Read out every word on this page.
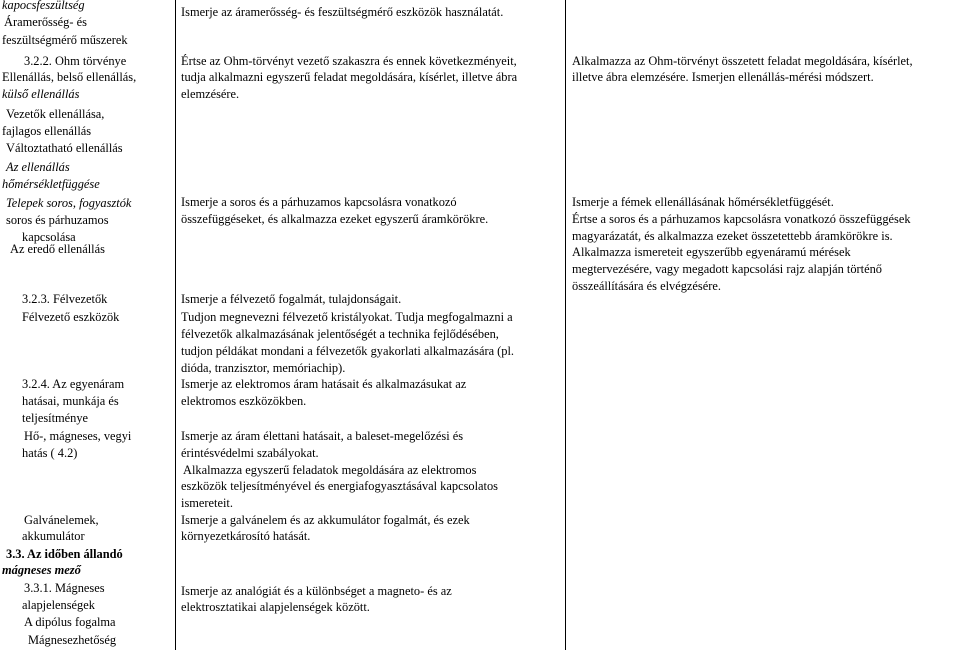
kapocsfeszültség

Áramerősség- és

feszültségmérő műszerek

3.2.2. Ohm törvénye

Ellenállás, belső ellenállás,

külső ellenállás

Vezetők ellenállása,

fajlagos ellenállás

Változtatható ellenállás

Az ellenállás

hőmérsékletfüggése

Telepek soros, fogyasztók

soros és párhuzamos

kapcsolása

Az eredő ellenállás

3.2.3. Félvezetők

Félvezető eszközök

3.2.4. Az egyenáram

hatásai, munkája és

teljesítménye

Hő-, mágneses, vegyi

hatás ( 4.2)

Galvánelemek,

akkumulátor

3.3. Az időben állandó

mágneses mező

3.3.1. Mágneses

alapjelenségek

A dipólus fogalma

Mágnesezhetőség

Ismerje az áramerősség- és feszültségmérő eszközök használatát.

Értse az Ohm-törvényt vezető szakaszra és ennek következményeit,

tudja alkalmazni egyszerű feladat megoldására, kísérlet, illetve ábra

elemzésére.

Ismerje a soros és a párhuzamos kapcsolásra vonatkozó

összefüggéseket, és alkalmazza ezeket egyszerű áramkörökre.

Ismerje a félvezető fogalmát, tulajdonságait.

Tudjon megnevezni félvezető kristályokat. Tudja megfogalmazni a

félvezetők alkalmazásának jelentőségét a technika fejlődésében,

tudjon példákat mondani a félvezetők gyakorlati alkalmazására (pl.

dióda, tranzisztor, memóriachip).

Ismerje az elektromos áram hatásait és alkalmazásukat az

elektromos eszközökben.

Ismerje az áram élettani hatásait, a baleset-megelőzési és

érintésvédelmi szabályokat.

Alkalmazza egyszerű feladatok megoldására az elektromos

eszközök teljesítményével és energiafogyasztásával kapcsolatos

ismereteit.

Ismerje a galvánelem és az akkumulátor fogalmát, és ezek

környezetkárosító hatását.

Ismerje az analógiát és a különbséget a magneto- és az

elektrosztatikai alapjelenségek között.

Alkalmazza az Ohm-törvényt összetett feladat megoldására, kísérlet,

illetve ábra elemzésére. Ismerjen ellenállás-mérési módszert.

Ismerje a fémek ellenállásának hőmérsékletfüggését.

Értse a soros és a párhuzamos kapcsolásra vonatkozó összefüggések

magyarázatát, és alkalmazza ezeket összetettebb áramkörökre is.

Alkalmazza ismereteit egyszerűbb egyenáramú mérések

megtervezésére, vagy megadott kapcsolási rajz alapján történő

összeállítására és elvégzésére.
